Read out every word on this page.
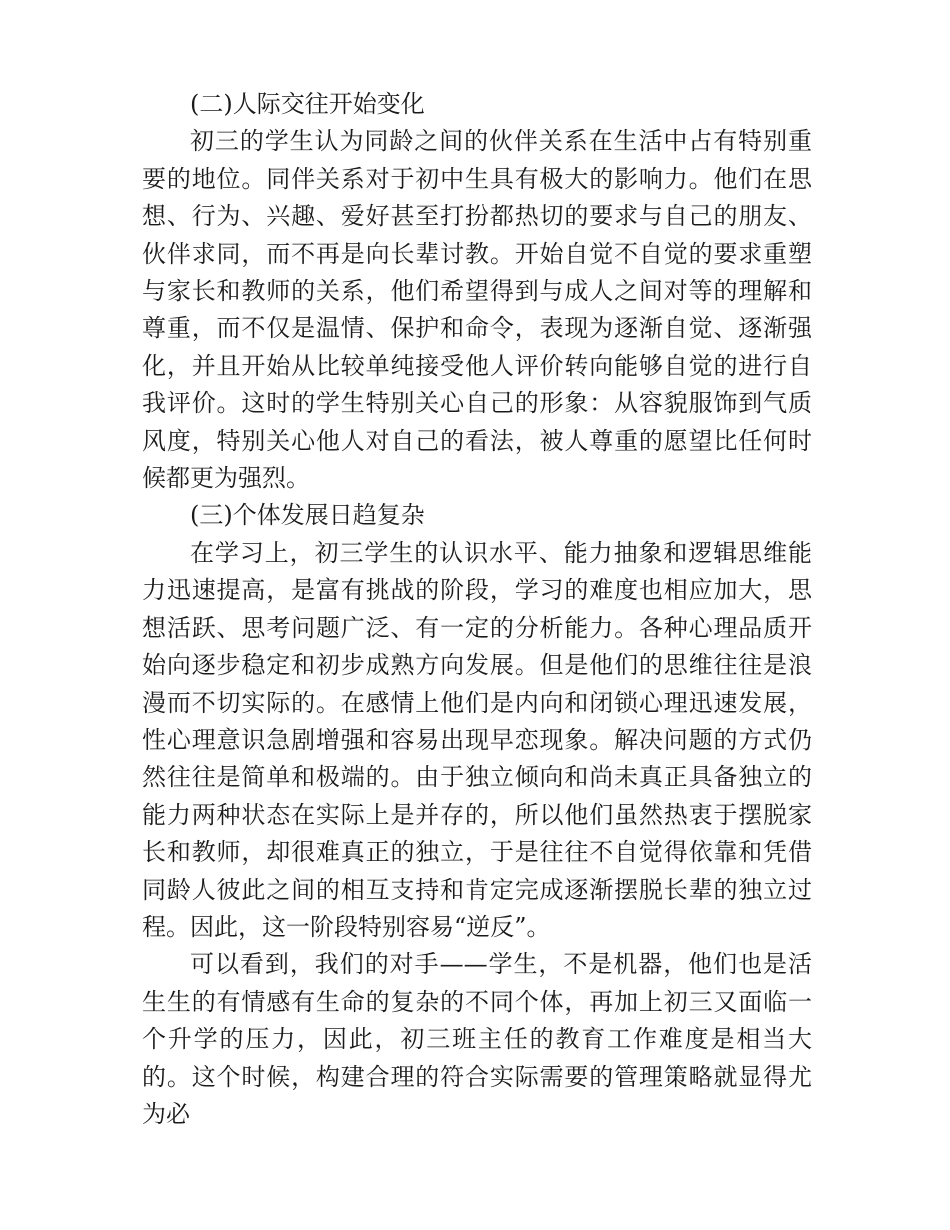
(二)人际交往开始变化

初三的学生认为同龄之间的伙伴关系在生活中占有特别重要的地位。同伴关系对于初中生具有极大的影响力。他们在思想、行为、兴趣、爱好甚至打扮都热切的要求与自己的朋友、伙伴求同，而不再是向长辈讨教。开始自觉不自觉的要求重塑与家长和教师的关系，他们希望得到与成人之间对等的理解和尊重，而不仅是温情、保护和命令，表现为逐渐自觉、逐渐强化，并且开始从比较单纯接受他人评价转向能够自觉的进行自我评价。这时的学生特别关心自己的形象：从容貌服饰到气质风度，特别关心他人对自己的看法，被人尊重的愿望比任何时候都更为强烈。

(三)个体发展日趋复杂

在学习上，初三学生的认识水平、能力抽象和逻辑思维能力迅速提高，是富有挑战的阶段，学习的难度也相应加大，思想活跃、思考问题广泛、有一定的分析能力。各种心理品质开始向逐步稳定和初步成熟方向发展。但是他们的思维往往是浪漫而不切实际的。在感情上他们是内向和闭锁心理迅速发展，性心理意识急剧增强和容易出现早恋现象。解决问题的方式仍然往往是简单和极端的。由于独立倾向和尚未真正具备独立的能力两种状态在实际上是并存的，所以他们虽然热衷于摆脱家长和教师，却很难真正的独立，于是往往不自觉得依靠和凭借同龄人彼此之间的相互支持和肯定完成逐渐摆脱长辈的独立过程。因此，这一阶段特别容易“逆反”。

可以看到，我们的对手——学生，不是机器，他们也是活生生的有情感有生命的复杂的不同个体，再加上初三又面临一个升学的压力，因此，初三班主任的教育工作难度是相当大的。这个时候，构建合理的符合实际需要的管理策略就显得尤为必
